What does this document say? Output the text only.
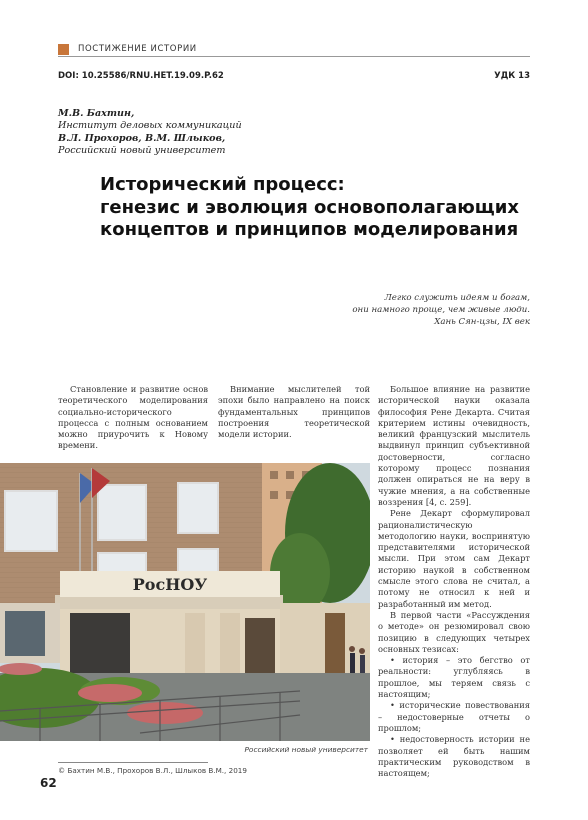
ПОСТИЖЕНИЕ ИСТОРИИ
DOI: 10.25586/RNU.HET.19.09.P.62	УДК 13
М.В. Бахтин,
Институт деловых коммуникаций
В.Л. Прохоров, В.М. Шлыков,
Российский новый университет
Исторический процесс:
генезис и эволюция основополагающих
концептов и принципов моделирования
Легко служить идеям и богам,
они намного проще, чем живые люди.
Хань Сян-цзы, IX век

Становление и развитие основ теоретического моделирования социально-исторического процесса с полным основанием можно приурочить к Новому времени.

Внимание мыслителей той эпохи было направлено на поиск фундаментальных принципов построения теоретической модели истории.

Большое влияние на развитие исторической науки оказала философия Рене Декарта. Считая критерием истины очевидность, великий французский мыслитель выдвинул принцип субъективной достоверности, согласно которому процесс познания должен опираться не на веру в чужие мнения, а на собственные воззрения [4, с. 259].

Рене Декарт сформулировал рационалистическую методологию науки, воспринятую представителями исторической мысли. При этом сам Декарт историю наукой в собственном смысле этого слова не считал, а потому не относил к ней и разработанный им метод.

В первой части «Рассуждения о методе» он резюмировал свою позицию в следующих четырех основных тезисах:

• история – это бегство от реальности: углубляясь в прошлое, мы теряем связь с настоящим;

• исторические повествования – недостоверные отчеты о прошлом;

• недостоверность истории не позволяет ей быть нашим практическим руководством в настоящем;

РосНОУ
Российский новый университет
© Бахтин М.В., Прохоров В.Л., Шлыков В.М., 2019
62
